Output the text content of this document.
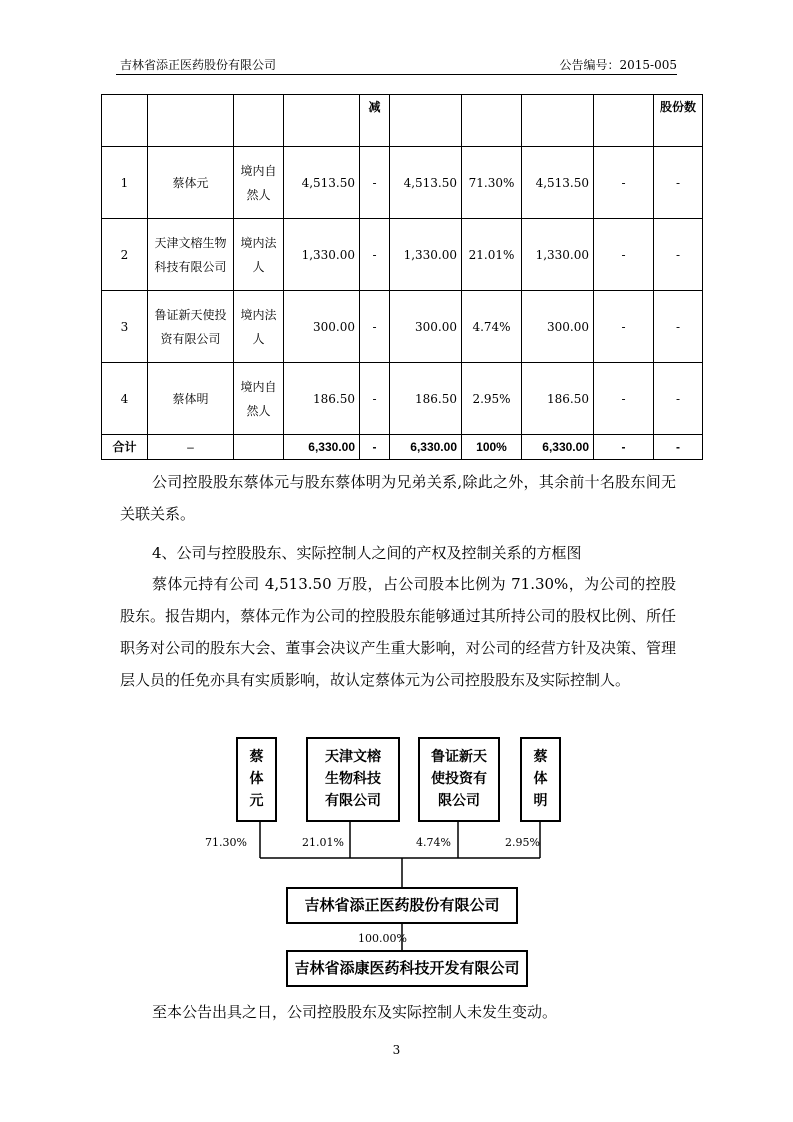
吉林省添正医药股份有限公司	公告编号：2015-005
				减					股份数
1	蔡体元	境内自然人	4,513.50	-	4,513.50	71.30%	4,513.50	-	-
2	天津文榕生物科技有限公司	境内法人	1,330.00	-	1,330.00	21.01%	1,330.00	-	-
3	鲁证新天使投资有限公司	境内法人	300.00	-	300.00	4.74%	300.00	-	-
4	蔡体明	境内自然人	186.50	-	186.50	2.95%	186.50	-	-
合计	–		6,330.00	-	6,330.00	100%	6,330.00	-	-
公司控股股东蔡体元与股东蔡体明为兄弟关系,除此之外，其余前十名股东间无关联关系。
4、公司与控股股东、实际控制人之间的产权及控制关系的方框图
蔡体元持有公司 4,513.50 万股，占公司股本比例为 71.30%，为公司的控股股东。报告期内，蔡体元作为公司的控股股东能够通过其所持公司的股权比例、所任职务对公司的股东大会、董事会决议产生重大影响，对公司的经营方针及决策、管理层人员的任免亦具有实质影响，故认定蔡体元为公司控股股东及实际控制人。
蔡
体
元
天津文榕
生物科技
有限公司
鲁证新天
使投资有
限公司
蔡
体
明
71.30%	21.01%	4.74%	2.95%
吉林省添正医药股份有限公司
100.00%
吉林省添康医药科技开发有限公司
至本公告出具之日，公司控股股东及实际控制人未发生变动。
3
